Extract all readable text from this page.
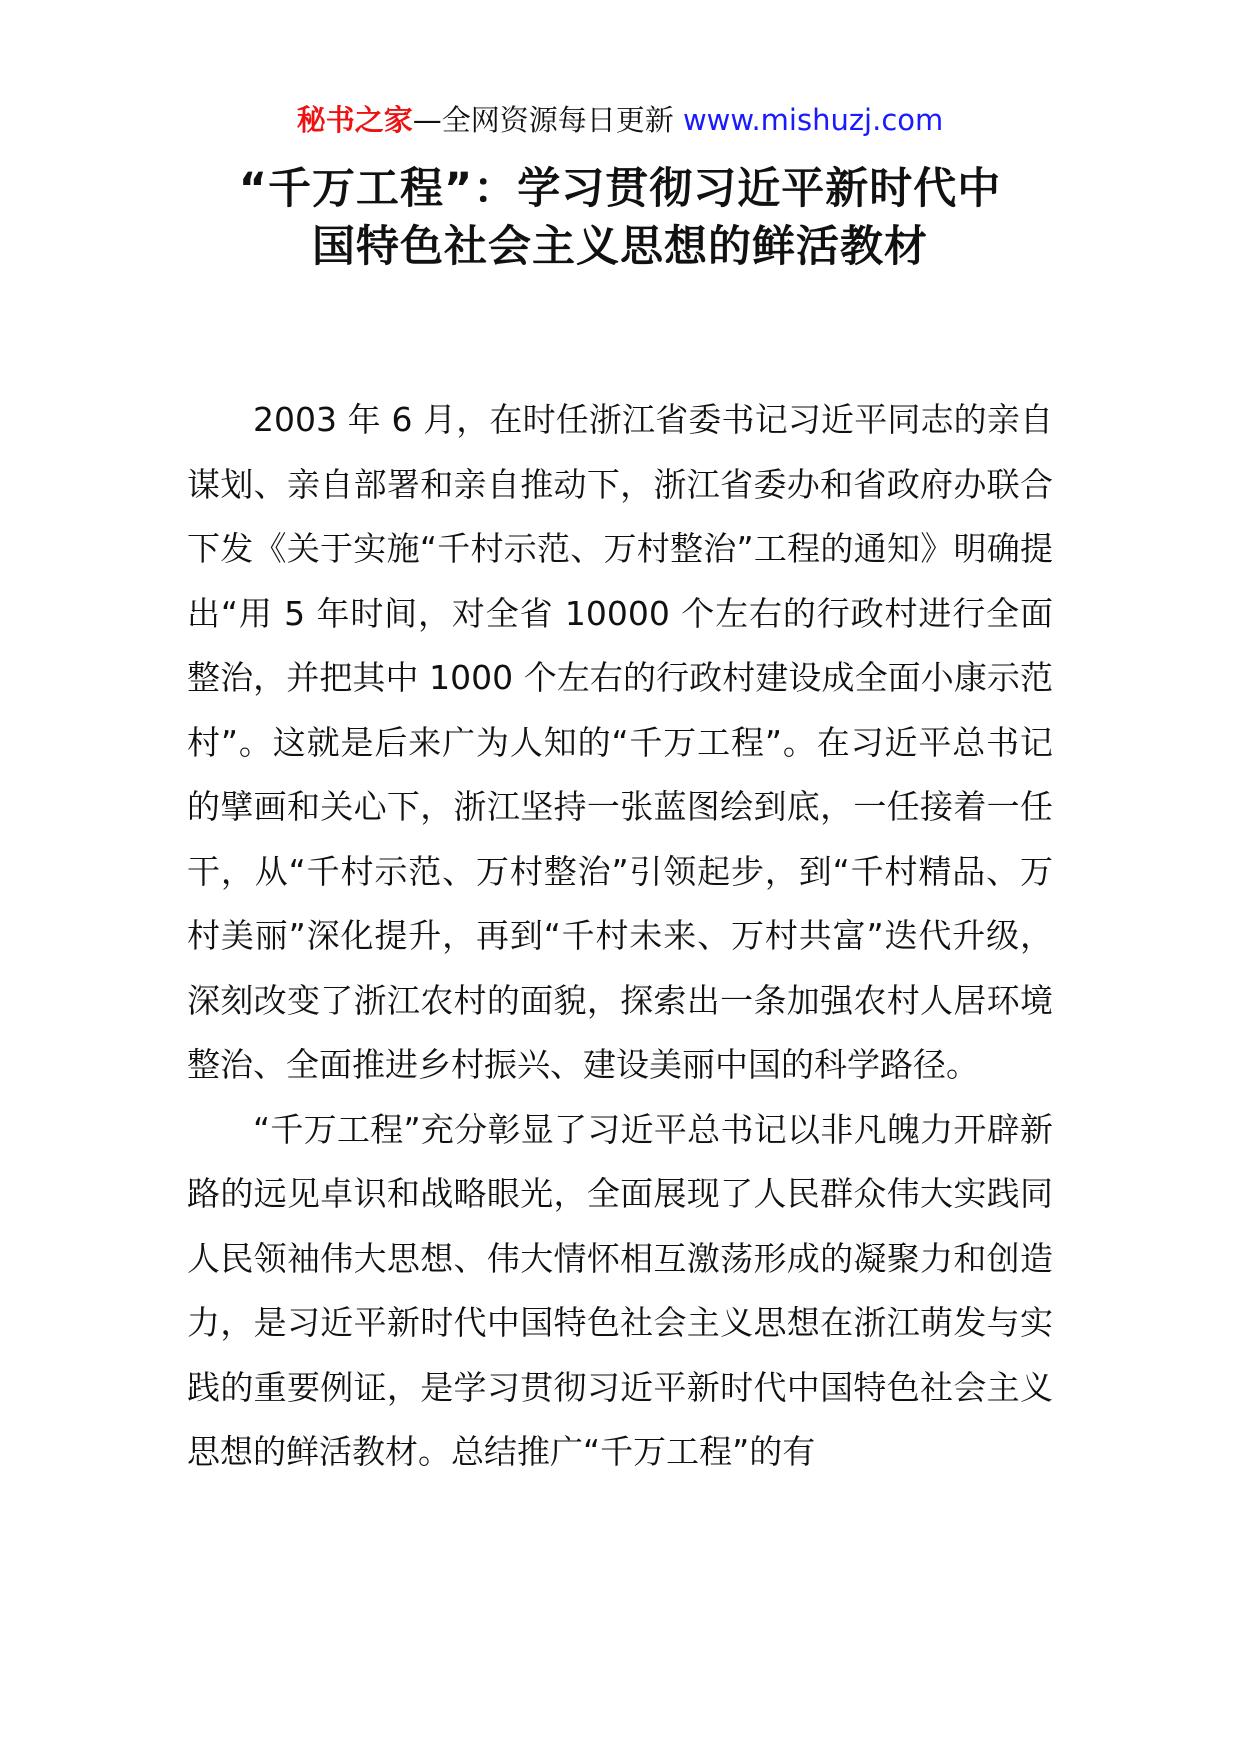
秘书之家—全网资源每日更新 www.mishuzj.com
“千万工程”：学习贯彻习近平新时代中
国特色社会主义思想的鲜活教材

2003 年 6 月，在时任浙江省委书记习近平同志的亲自谋划、亲自部署和亲自推动下，浙江省委办和省政府办联合下发《关于实施“千村示范、万村整治”工程的通知》明确提出“用 5 年时间，对全省 10000 个左右的行政村进行全面整治，并把其中 1000 个左右的行政村建设成全面小康示范村”。这就是后来广为人知的“千万工程”。在习近平总书记的擘画和关心下，浙江坚持一张蓝图绘到底，一任接着一任干，从“千村示范、万村整治”引领起步，到“千村精品、万村美丽”深化提升，再到“千村未来、万村共富”迭代升级，深刻改变了浙江农村的面貌，探索出一条加强农村人居环境整治、全面推进乡村振兴、建设美丽中国的科学路径。

“千万工程”充分彰显了习近平总书记以非凡魄力开辟新路的远见卓识和战略眼光，全面展现了人民群众伟大实践同人民领袖伟大思想、伟大情怀相互激荡形成的凝聚力和创造力，是习近平新时代中国特色社会主义思想在浙江萌发与实践的重要例证，是学习贯彻习近平新时代中国特色社会主义思想的鲜活教材。总结推广“千万工程”的有
